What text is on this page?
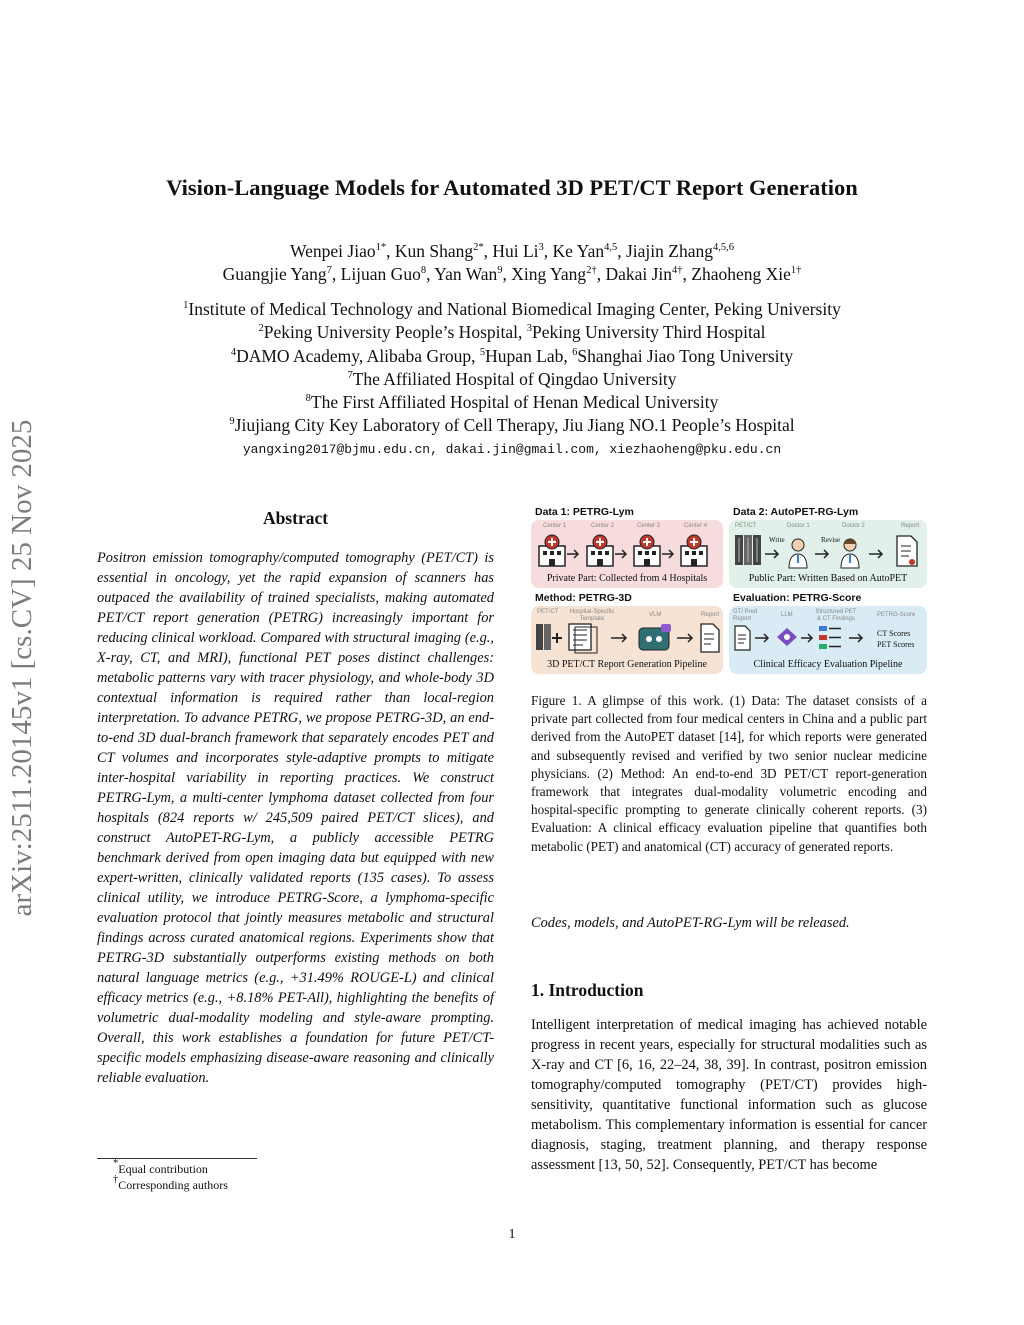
arXiv:2511.20145v1 [cs.CV] 25 Nov 2025
Vision-Language Models for Automated 3D PET/CT Report Generation
Wenpei Jiao$^{1*}$, Kun Shang$^{2*}$, Hui Li$^3$, Ke Yan$^{4,5}$, Jiajin Zhang$^{4,5,6}$
Guangjie Yang$^7$, Lijuan Guo$^8$, Yan Wan$^9$, Xing Yang$^{2\dagger}$, Dakai Jin$^{4\dagger}$, Zhaoheng Xie$^{1\dagger}$
$^1$Institute of Medical Technology and National Biomedical Imaging Center, Peking University
$^2$Peking University People’s Hospital, $^3$Peking University Third Hospital
$^4$DAMO Academy, Alibaba Group, $^5$Hupan Lab, $^6$Shanghai Jiao Tong University
$^7$The Affiliated Hospital of Qingdao University
$^8$The First Affiliated Hospital of Henan Medical University
$^9$Jiujiang City Key Laboratory of Cell Therapy, Jiu Jiang NO.1 People’s Hospital
yangxing2017@bjmu.edu.cn, dakai.jin@gmail.com, xiezhaoheng@pku.edu.cn
Abstract
Positron emission tomography/computed tomography (PET/CT) is essential in oncology, yet the rapid expansion of scanners has outpaced the availability of trained specialists, making automated PET/CT report generation (PETRG) increasingly important for reducing clinical workload. Compared with structural imaging (e.g., X-ray, CT, and MRI), functional PET poses distinct challenges: metabolic patterns vary with tracer physiology, and whole-body 3D contextual information is required rather than local-region interpretation. To advance PETRG, we propose PETRG-3D, an end-to-end 3D dual-branch framework that separately encodes PET and CT volumes and incorporates style-adaptive prompts to mitigate inter-hospital variability in reporting practices. We construct PETRG-Lym, a multi-center lymphoma dataset collected from four hospitals (824 reports w/ 245,509 paired PET/CT slices), and construct AutoPET-RG-Lym, a publicly accessible PETRG benchmark derived from open imaging data but equipped with new expert-written, clinically validated reports (135 cases). To assess clinical utility, we introduce PETRG-Score, a lymphoma-specific evaluation protocol that jointly measures metabolic and structural findings across curated anatomical regions. Experiments show that PETRG-3D substantially outperforms existing methods on both natural language metrics (e.g., +31.49% ROUGE-L) and clinical efficacy metrics (e.g., +8.18% PET-All), highlighting the benefits of volumetric dual-modality modeling and style-aware prompting. Overall, this work establishes a foundation for future PET/CT-specific models emphasizing disease-aware reasoning and clinically reliable evaluation.
*Equal contribution
†Corresponding authors
Data 1: PETRG-Lym	Data 2: AutoPET-RG-Lym
Method: PETRG-3D	Evaluation: PETRG-Score
Center 1	Center 2	Center 3	Center 4
Private Part: Collected from 4 Hospitals
PET/CT	Doctor 1	Doctor 2	Report
Write	Revise
Public Part: Written Based on AutoPET
PET/CT	Hospital-Specific Template
VLM	Report
3D PET/CT Report Generation Pipeline
GT/ Pred Report
LLM	Structured PET & CT Findings
PETRG-Score
CT Scores
PET Scores
Clinical Efficacy Evaluation Pipeline
Figure 1. A glimpse of this work. (1) Data: The dataset consists of a private part collected from four medical centers in China and a public part derived from the AutoPET dataset [14], for which reports were generated and subsequently revised and verified by two senior nuclear medicine physicians. (2) Method: An end-to-end 3D PET/CT report-generation framework that integrates dual-modality volumetric encoding and hospital-specific prompting to generate clinically coherent reports. (3) Evaluation: A clinical efficacy evaluation pipeline that quantifies both metabolic (PET) and anatomical (CT) accuracy of generated reports.
Codes, models, and AutoPET-RG-Lym will be released.
1. Introduction
Intelligent interpretation of medical imaging has achieved notable progress in recent years, especially for structural modalities such as X-ray and CT [6, 16, 22–24, 38, 39]. In contrast, positron emission tomography/computed tomography (PET/CT) provides high-sensitivity, quantitative functional information such as glucose metabolism. This complementary information is essential for cancer diagnosis, staging, treatment planning, and therapy response assessment [13, 50, 52]. Consequently, PET/CT has become
1
